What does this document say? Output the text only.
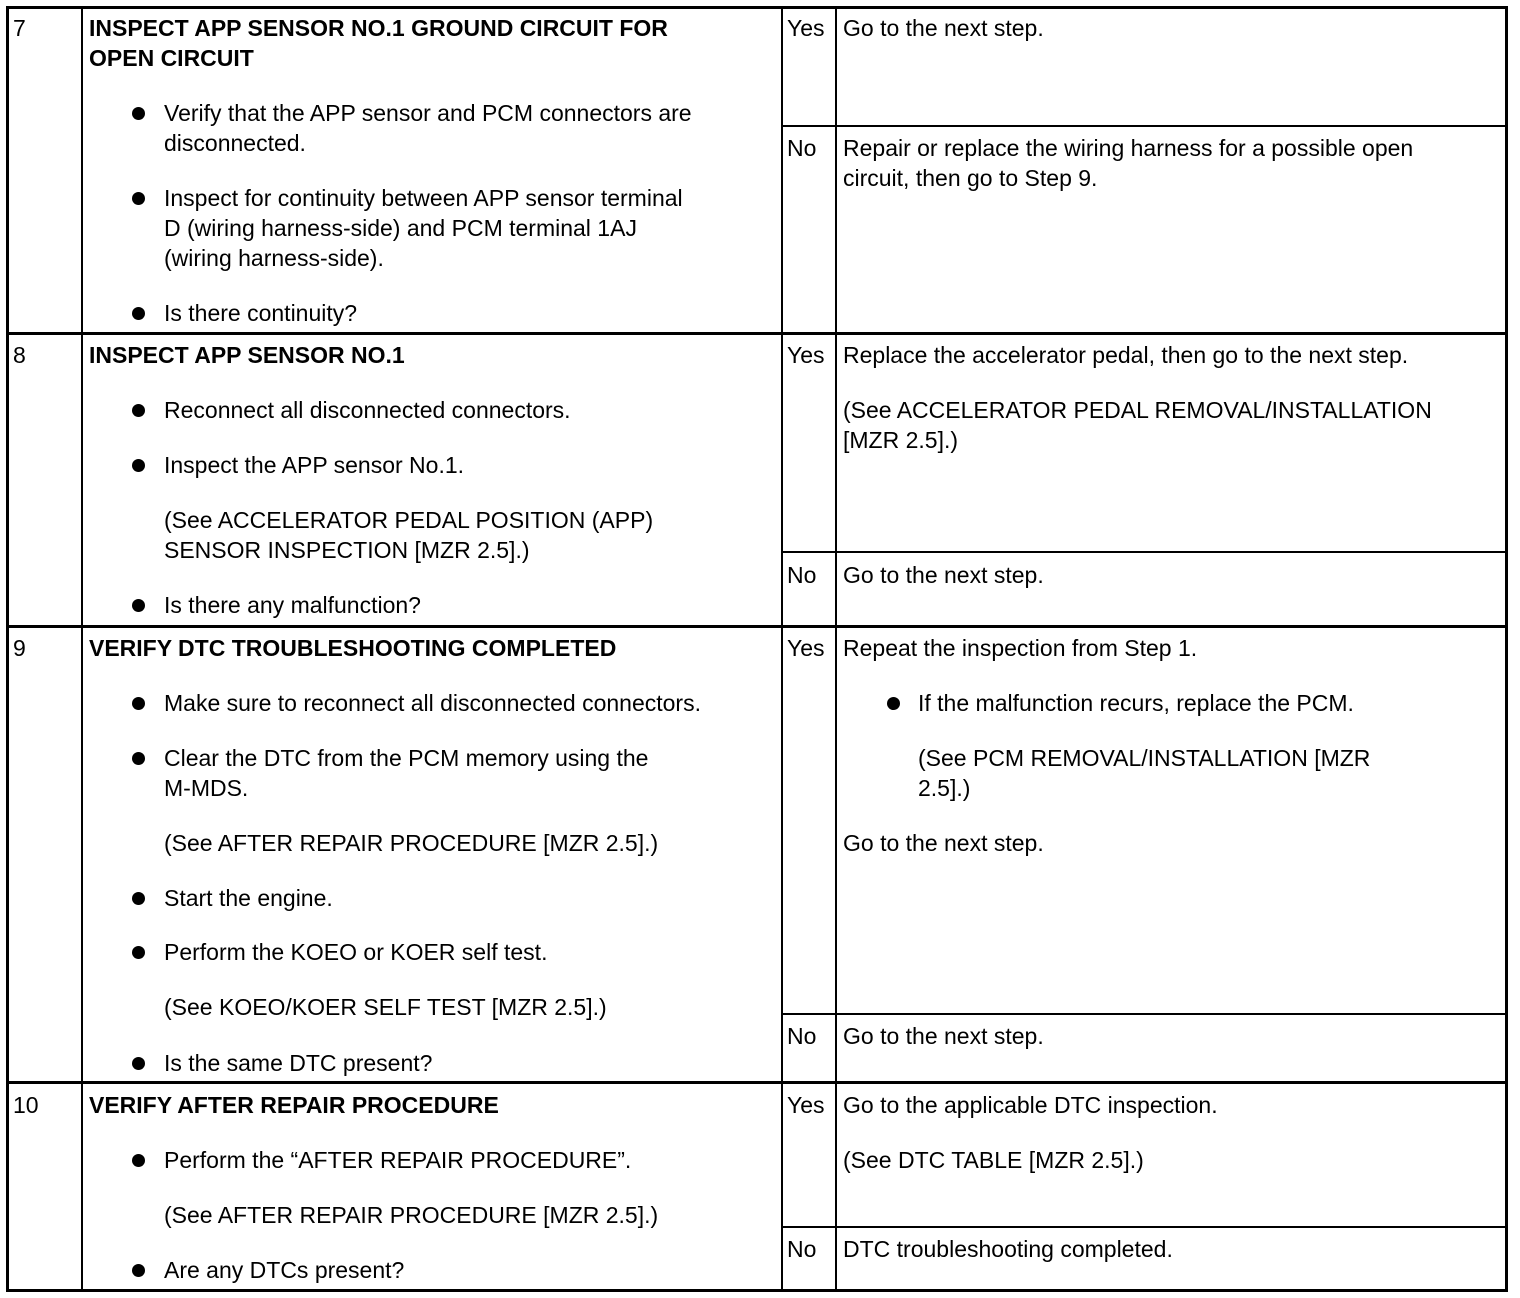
7	INSPECT APP SENSOR NO.1 GROUND CIRCUIT FOR
OPEN CIRCUIT
Verify that the APP sensor and PCM connectors are
disconnected.
Inspect for continuity between APP sensor terminal
D (wiring harness-side) and PCM terminal 1AJ
(wiring harness-side).
Is there continuity?
Yes Go to the next step.
No Repair or replace the wiring harness for a possible open
circuit, then go to Step 9.
8	INSPECT APP SENSOR NO.1
Reconnect all disconnected connectors.
Inspect the APP sensor No.1.
(See ACCELERATOR PEDAL POSITION (APP)
SENSOR INSPECTION [MZR 2.5].)
Is there any malfunction?
Yes Replace the accelerator pedal, then go to the next step.
(See ACCELERATOR PEDAL REMOVAL/INSTALLATION
[MZR 2.5].)
No Go to the next step.
9	VERIFY DTC TROUBLESHOOTING COMPLETED
Make sure to reconnect all disconnected connectors.
Clear the DTC from the PCM memory using the
M-MDS.
(See AFTER REPAIR PROCEDURE [MZR 2.5].)
Start the engine.
Perform the KOEO or KOER self test.
(See KOEO/KOER SELF TEST [MZR 2.5].)
Is the same DTC present?
Yes Repeat the inspection from Step 1.
If the malfunction recurs, replace the PCM.
(See PCM REMOVAL/INSTALLATION [MZR
2.5].)
Go to the next step.
No Go to the next step.
10 VERIFY AFTER REPAIR PROCEDURE
Perform the “AFTER REPAIR PROCEDURE”.
(See AFTER REPAIR PROCEDURE [MZR 2.5].)
Are any DTCs present?
Yes Go to the applicable DTC inspection.
(See DTC TABLE [MZR 2.5].)
No DTC troubleshooting completed.
